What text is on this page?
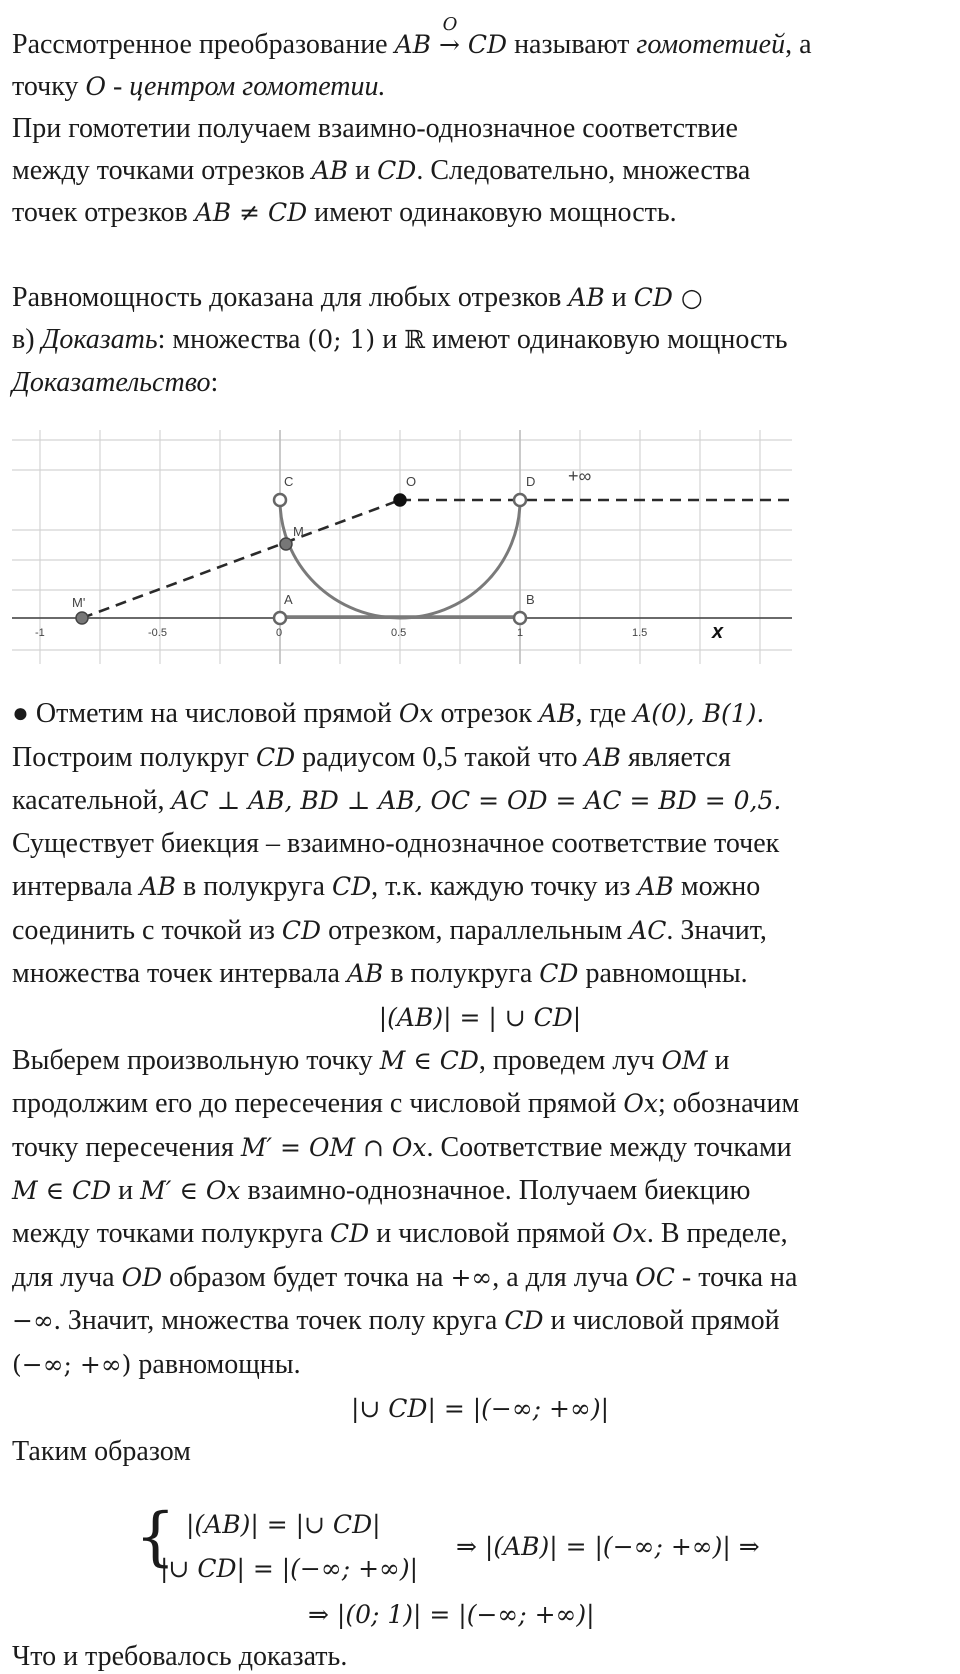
Рассмотренное преобразование AB → CD
O
называют гомотетией, а
точку O - центром гомотетии.
При гомотетии получаем взаимно-однозначное соответствие
между точками отрезков AB и CD. Следовательно, множества
точек отрезков AB ≠ CD имеют одинаковую мощность.
Равномощность доказана для любых отрезков AB и CD ○
в) Доказать: множества (0; 1) и ℝ имеют одинаковую мощность
Доказательство:
C	O	D
M
A	B
M'
+∞
-1	-0.5	0	0.5	1	1.5	x
● Отметим на числовой прямой Ox отрезок AB, где A(0), B(1).
Построим полукруг CD радиусом 0,5 такой что AB является
касательной, AC ⊥ AB, BD ⊥ AB, OC = OD = AC = BD = 0,5.
Существует биекция – взаимно-однозначное соответствие точек
интервала AB в полукруга CD, т.к. каждую точку из AB можно
соединить с точкой из CD отрезком, параллельным AC. Значит,
множества точек интервала AB в полукруга CD равномощны.
|(AB)| = | ∪ CD|
Выберем произвольную точку M ∈ CD, проведем луч OM и
продолжим его до пересечения с числовой прямой Ox; обозначим
точку пересечения M′ = OM ∩ Ox. Соответствие между точками
M ∈ CD и M′ ∈ Ox взаимно-однозначное. Получаем биекцию
между точками полукруга CD и числовой прямой Ox. В пределе,
для луча OD образом будет точка на +∞, а для луча OC - точка на
−∞. Значит, множества точек полу круга CD и числовой прямой
(−∞; +∞) равномощны.
|∪ CD| = |(−∞; +∞)|
Таким образом
{ |(AB)| = |∪ CD|
|∪ CD| = |(−∞; +∞)|
⇒ |(AB)| = |(−∞; +∞)| ⇒
⇒ |(0; 1)| = |(−∞; +∞)|
Что и требовалось доказать.
